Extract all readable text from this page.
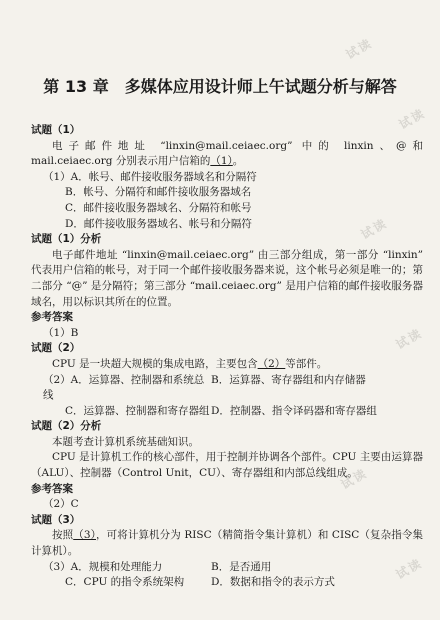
试读
试读
试读
试读
试读
试读
第 13 章　多媒体应用设计师上午试题分析与解答

试题（1）

电子邮件地址 “linxin@mail.ceiaec.org” 中的 linxin、@和 mail.ceiaec.org 分别表示用户信箱的（1）。

（1）A．帐号、邮件接收服务器域名和分隔符

B．帐号、分隔符和邮件接收服务器域名

C．邮件接收服务器域名、分隔符和帐号

D．邮件接收服务器域名、帐号和分隔符

试题（1）分析

电子邮件地址 “linxin@mail.ceiaec.org” 由三部分组成，第一部分 “linxin” 代表用户信箱的帐号，对于同一个邮件接收服务器来说，这个帐号必须是唯一的；第二部分 “@” 是分隔符；第三部分 “mail.ceiaec.org” 是用户信箱的邮件接收服务器域名，用以标识其所在的位置。

参考答案

（1）B

试题（2）

CPU 是一块超大规模的集成电路，主要包含（2）等部件。

（2）A．运算器、控制器和系统总线
B．运算器、寄存器组和内存储器
C．运算器、控制器和寄存器组 D．控制器、指令译码器和寄存器组

试题（2）分析

本题考查计算机系统基础知识。

CPU 是计算机工作的核心部件，用于控制并协调各个部件。CPU 主要由运算器（ALU）、控制器（Control Unit，CU）、寄存器组和内部总线组成。

参考答案

（2）C

试题（3）

按照（3），可将计算机分为 RISC（精简指令集计算机）和 CISC（复杂指令集计算机）。

（3）A．规模和处理能力	B．是否通用
C．CPU 的指令系统架构	D．数据和指令的表示方式
